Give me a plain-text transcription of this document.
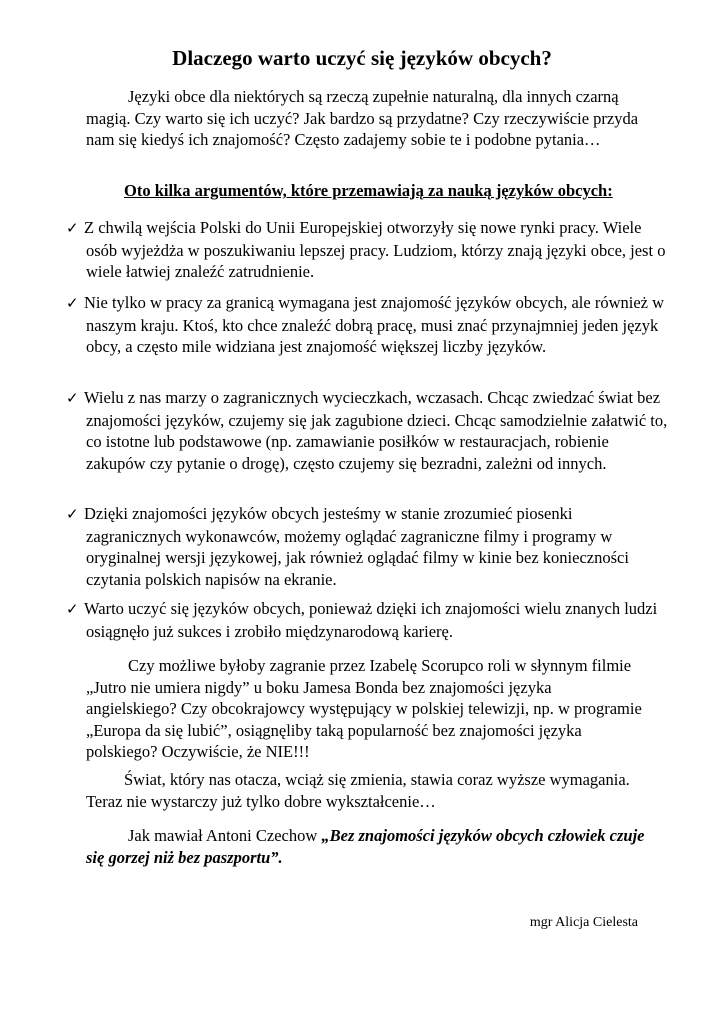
Dlaczego warto uczyć się języków obcych?

Języki obce dla niektórych są rzeczą zupełnie naturalną, dla innych czarną magią. Czy warto się ich uczyć? Jak bardzo są przydatne? Czy rzeczywiście przyda nam się kiedyś ich znajomość? Często zadajemy sobie te i podobne pytania…

Oto kilka argumentów, które przemawiają za nauką języków obcych:

✓ Z chwilą wejścia Polski do Unii Europejskiej otworzyły się nowe rynki pracy. Wiele osób wyjeżdża w poszukiwaniu lepszej pracy. Ludziom, którzy znają języki obce, jest o wiele łatwiej znaleźć zatrudnienie.

✓ Nie tylko w pracy za granicą wymagana jest znajomość języków obcych, ale również w naszym kraju. Ktoś, kto chce znaleźć dobrą pracę, musi znać przynajmniej jeden język obcy, a często mile widziana jest znajomość większej liczby języków.

✓ Wielu z nas marzy o zagranicznych wycieczkach, wczasach. Chcąc zwiedzać świat bez znajomości języków, czujemy się jak zagubione dzieci. Chcąc samodzielnie załatwić to, co istotne lub podstawowe (np. zamawianie posiłków w restauracjach, robienie zakupów czy pytanie o drogę), często czujemy się bezradni, zależni od innych.

✓ Dzięki znajomości języków obcych jesteśmy w stanie zrozumieć piosenki zagranicznych wykonawców, możemy oglądać zagraniczne filmy i programy w oryginalnej wersji językowej, jak również oglądać filmy w kinie bez konieczności czytania polskich napisów na ekranie.

✓ Warto uczyć się języków obcych, ponieważ dzięki ich znajomości wielu znanych ludzi osiągnęło już sukces i zrobiło międzynarodową karierę.

Czy możliwe byłoby zagranie przez Izabelę Scorupco roli w słynnym filmie „Jutro nie umiera nigdy” u boku Jamesa Bonda bez znajomości języka angielskiego? Czy obcokrajowcy występujący w polskiej telewizji, np. w programie „Europa da się lubić”, osiągnęliby taką popularność bez znajomości języka polskiego? Oczywiście, że NIE!!!

Świat, który nas otacza, wciąż się zmienia, stawia coraz wyższe wymagania. Teraz nie wystarczy już tylko dobre wykształcenie…

Jak mawiał Antoni Czechow „Bez znajomości języków obcych człowiek czuje się gorzej niż bez paszportu”.

mgr Alicja Cielesta
